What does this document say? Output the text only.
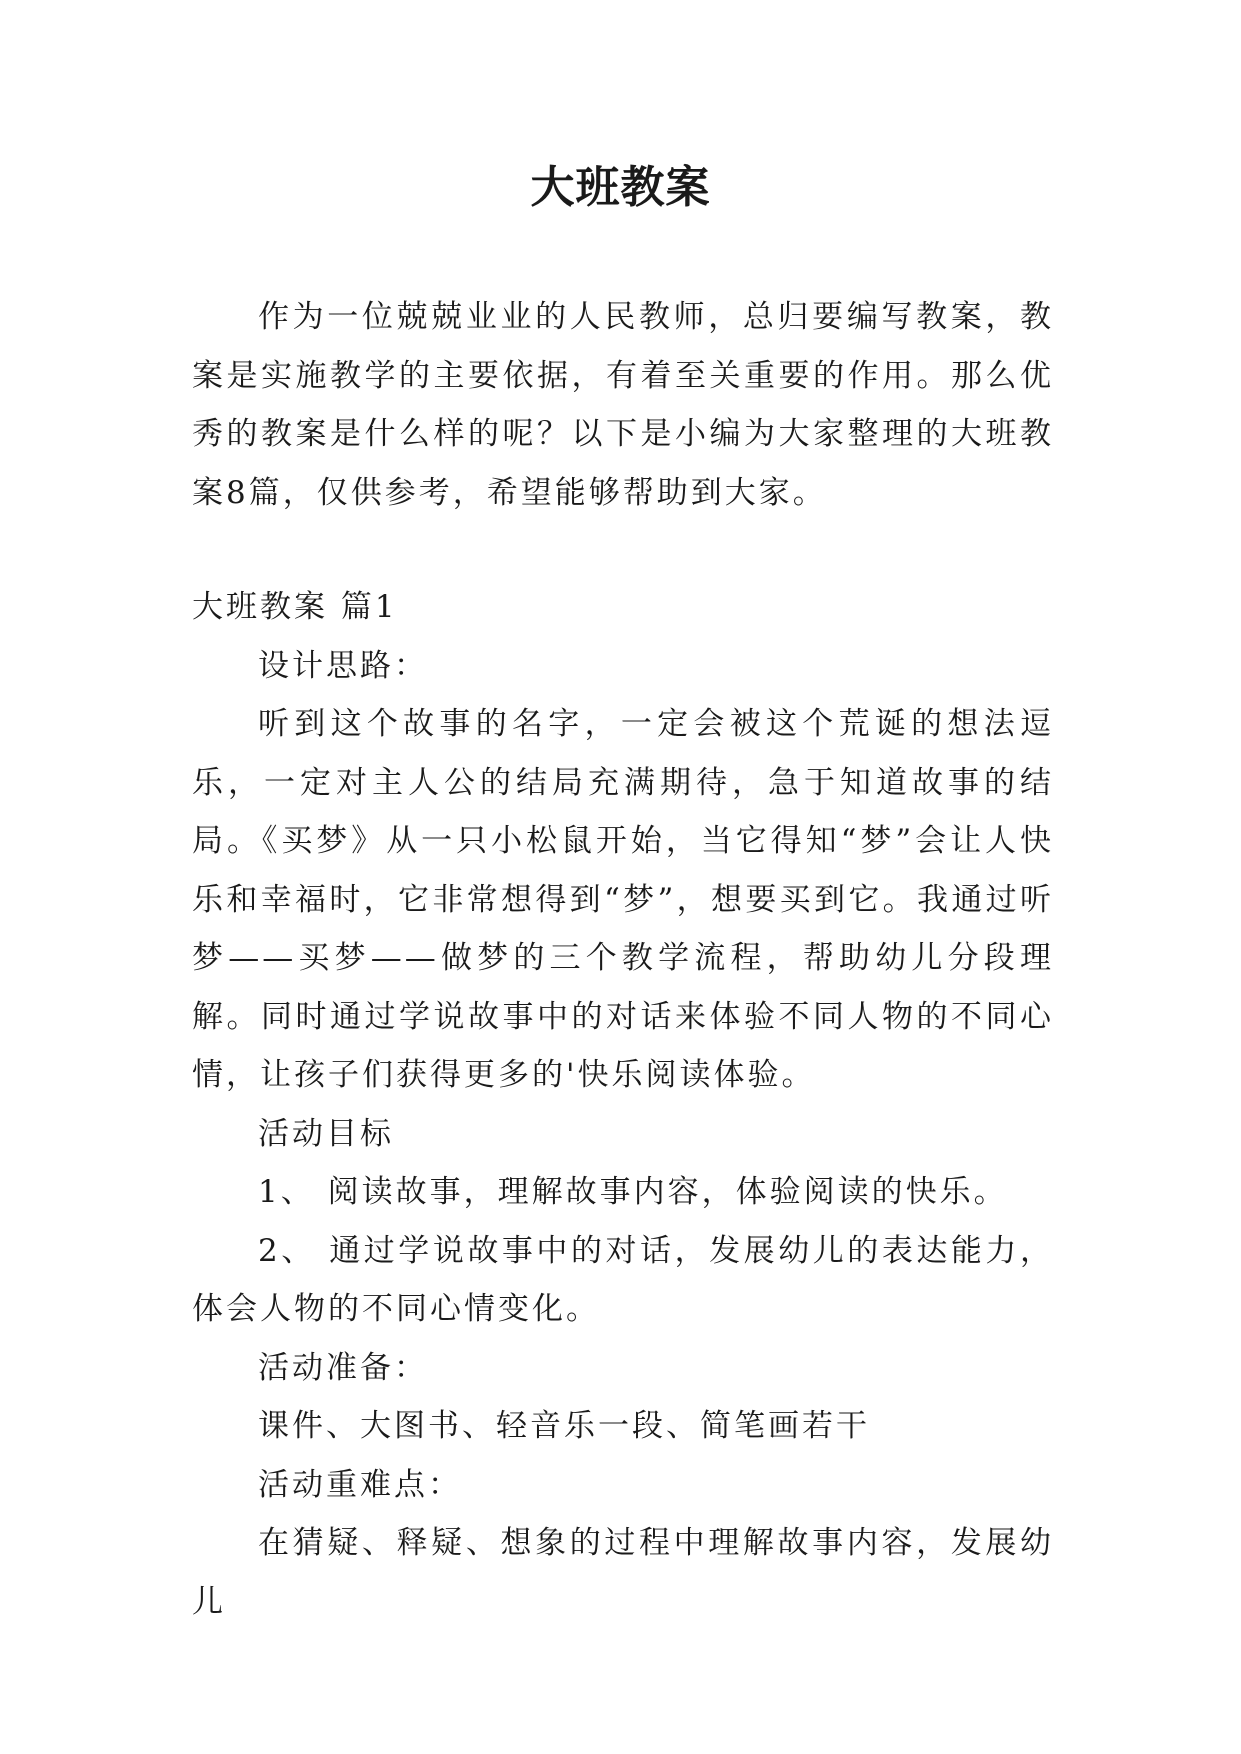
大班教案

作为一位兢兢业业的人民教师，总归要编写教案，教案是实施教学的主要依据，有着至关重要的作用。那么优秀的教案是什么样的呢？以下是小编为大家整理的大班教案8篇，仅供参考，希望能够帮助到大家。

大班教案 篇1

设计思路：

听到这个故事的名字，一定会被这个荒诞的想法逗乐，一定对主人公的结局充满期待，急于知道故事的结局。《买梦》从一只小松鼠开始，当它得知“梦”会让人快乐和幸福时，它非常想得到“梦”，想要买到它。我通过听梦——买梦——做梦的三个教学流程，帮助幼儿分段理解。同时通过学说故事中的对话来体验不同人物的不同心情，让孩子们获得更多的'快乐阅读体验。

活动目标

1、 阅读故事，理解故事内容，体验阅读的快乐。

2、 通过学说故事中的对话，发展幼儿的表达能力，体会人物的不同心情变化。

活动准备：

课件、大图书、轻音乐一段、简笔画若干

活动重难点：

在猜疑、释疑、想象的过程中理解故事内容，发展幼儿
